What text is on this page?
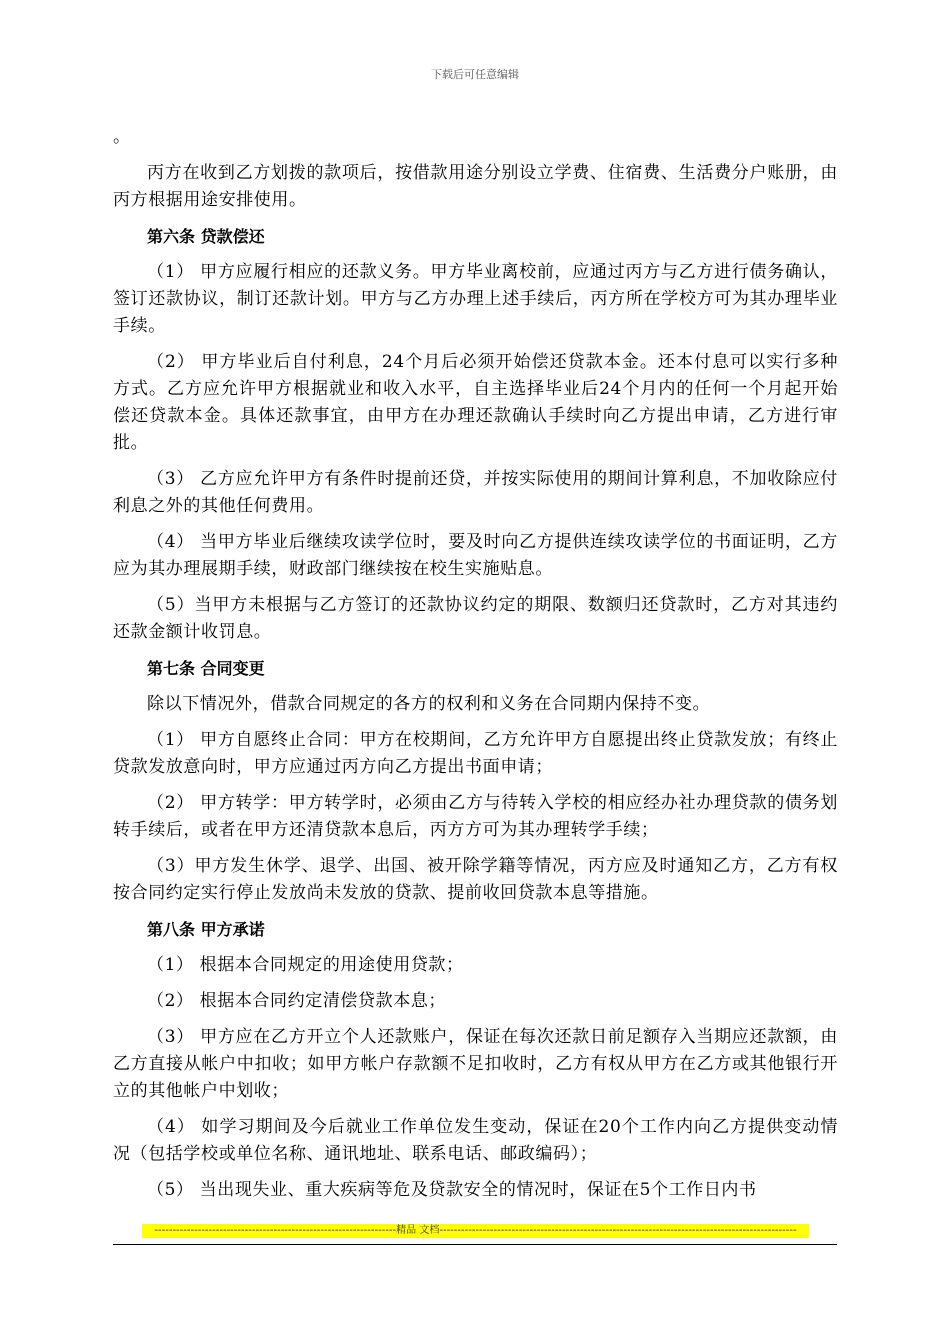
下载后可任意编辑

。

丙方在收到乙方划拨的款项后，按借款用途分别设立学费、住宿费、生活费分户账册，由丙方根据用途安排使用。

第六条 贷款偿还

（1） 甲方应履行相应的还款义务。甲方毕业离校前，应通过丙方与乙方进行债务确认，签订还款协议，制订还款计划。甲方与乙方办理上述手续后，丙方所在学校方可为其办理毕业手续。

（2） 甲方毕业后自付利息，24个月后必须开始偿还贷款本金。还本付息可以实行多种方式。乙方应允许甲方根据就业和收入水平，自主选择毕业后24个月内的任何一个月起开始偿还贷款本金。具体还款事宜，由甲方在办理还款确认手续时向乙方提出申请，乙方进行审批。

（3） 乙方应允许甲方有条件时提前还贷，并按实际使用的期间计算利息，不加收除应付利息之外的其他任何费用。

（4） 当甲方毕业后继续攻读学位时，要及时向乙方提供连续攻读学位的书面证明，乙方应为其办理展期手续，财政部门继续按在校生实施贴息。

（5）当甲方未根据与乙方签订的还款协议约定的期限、数额归还贷款时，乙方对其违约还款金额计收罚息。

第七条 合同变更

除以下情况外，借款合同规定的各方的权利和义务在合同期内保持不变。

（1） 甲方自愿终止合同：甲方在校期间，乙方允许甲方自愿提出终止贷款发放；有终止贷款发放意向时，甲方应通过丙方向乙方提出书面申请；

（2） 甲方转学：甲方转学时，必须由乙方与待转入学校的相应经办社办理贷款的债务划转手续后，或者在甲方还清贷款本息后，丙方方可为其办理转学手续；

（3）甲方发生休学、退学、出国、被开除学籍等情况，丙方应及时通知乙方，乙方有权按合同约定实行停止发放尚未发放的贷款、提前收回贷款本息等措施。

第八条 甲方承诺

（1） 根据本合同规定的用途使用贷款；

（2） 根据本合同约定清偿贷款本息；

（3） 甲方应在乙方开立个人还款账户，保证在每次还款日前足额存入当期应还款额，由乙方直接从帐户中扣收；如甲方帐户存款额不足扣收时，乙方有权从甲方在乙方或其他银行开立的其他帐户中划收；

（4） 如学习期间及今后就业工作单位发生变动，保证在20个工作内向乙方提供变动情况（包括学校或单位名称、通讯地址、联系电话、邮政编码）；

（5） 当出现失业、重大疾病等危及贷款安全的情况时，保证在5个工作日内书

-------------------------------------------------------------------精品 文档---------------------------------------------------------------------------------------------------
